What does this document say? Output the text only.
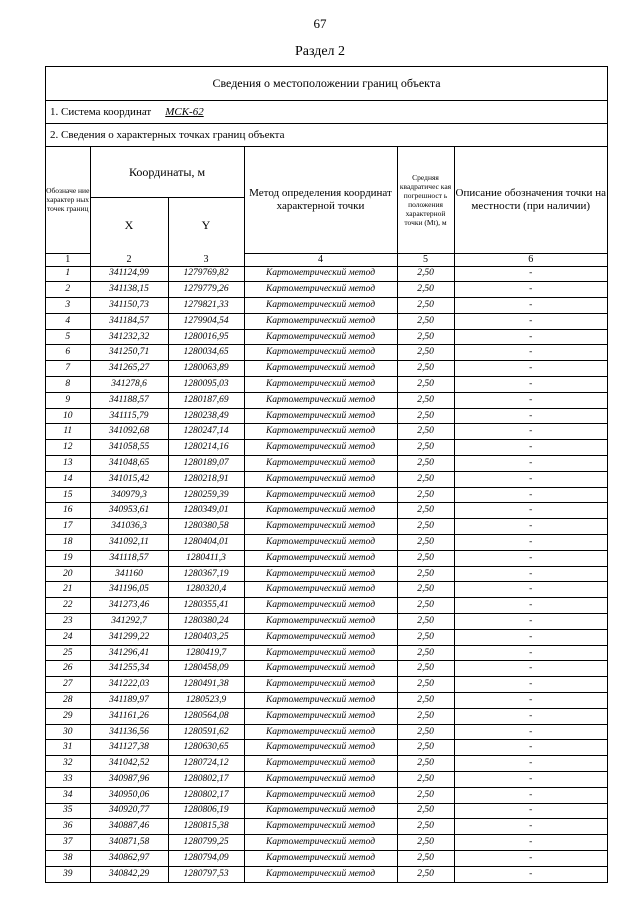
67
Раздел 2
Сведения о местоположении границ объекта
1. Система координат МСК-62
2. Сведения о характерных точках границ объекта
Обозначе ние характер ных точек границ	Координаты, м		Метод определения координат характерной точки	Средняя квадратичес кая погрешност ь положения характерной точки (Mt), м	Описание обозначения точки на местности (при наличии)
	X	Y			
1	2	3	4	5	6
1	341124,99	1279769,82	Картометрический метод	2,50	-
2	341138,15	1279779,26	Картометрический метод	2,50	-
3	341150,73	1279821,33	Картометрический метод	2,50	-
4	341184,57	1279904,54	Картометрический метод	2,50	-
5	341232,32	1280016,95	Картометрический метод	2,50	-
6	341250,71	1280034,65	Картометрический метод	2,50	-
7	341265,27	1280063,89	Картометрический метод	2,50	-
8	341278,6	1280095,03	Картометрический метод	2,50	-
9	341188,57	1280187,69	Картометрический метод	2,50	-
10	341115,79	1280238,49	Картометрический метод	2,50	-
11	341092,68	1280247,14	Картометрический метод	2,50	-
12	341058,55	1280214,16	Картометрический метод	2,50	-
13	341048,65	1280189,07	Картометрический метод	2,50	-
14	341015,42	1280218,91	Картометрический метод	2,50	-
15	340979,3	1280259,39	Картометрический метод	2,50	-
16	340953,61	1280349,01	Картометрический метод	2,50	-
17	341036,3	1280380,58	Картометрический метод	2,50	-
18	341092,11	1280404,01	Картометрический метод	2,50	-
19	341118,57	1280411,3	Картометрический метод	2,50	-
20	341160	1280367,19	Картометрический метод	2,50	-
21	341196,05	1280320,4	Картометрический метод	2,50	-
22	341273,46	1280355,41	Картометрический метод	2,50	-
23	341292,7	1280380,24	Картометрический метод	2,50	-
24	341299,22	1280403,25	Картометрический метод	2,50	-
25	341296,41	1280419,7	Картометрический метод	2,50	-
26	341255,34	1280458,09	Картометрический метод	2,50	-
27	341222,03	1280491,38	Картометрический метод	2,50	-
28	341189,97	1280523,9	Картометрический метод	2,50	-
29	341161,26	1280564,08	Картометрический метод	2,50	-
30	341136,56	1280591,62	Картометрический метод	2,50	-
31	341127,38	1280630,65	Картометрический метод	2,50	-
32	341042,52	1280724,12	Картометрический метод	2,50	-
33	340987,96	1280802,17	Картометрический метод	2,50	-
34	340950,06	1280802,17	Картометрический метод	2,50	-
35	340920,77	1280806,19	Картометрический метод	2,50	-
36	340887,46	1280815,38	Картометрический метод	2,50	-
37	340871,58	1280799,25	Картометрический метод	2,50	-
38	340862,97	1280794,09	Картометрический метод	2,50	-
39	340842,29	1280797,53	Картометрический метод	2,50	-
